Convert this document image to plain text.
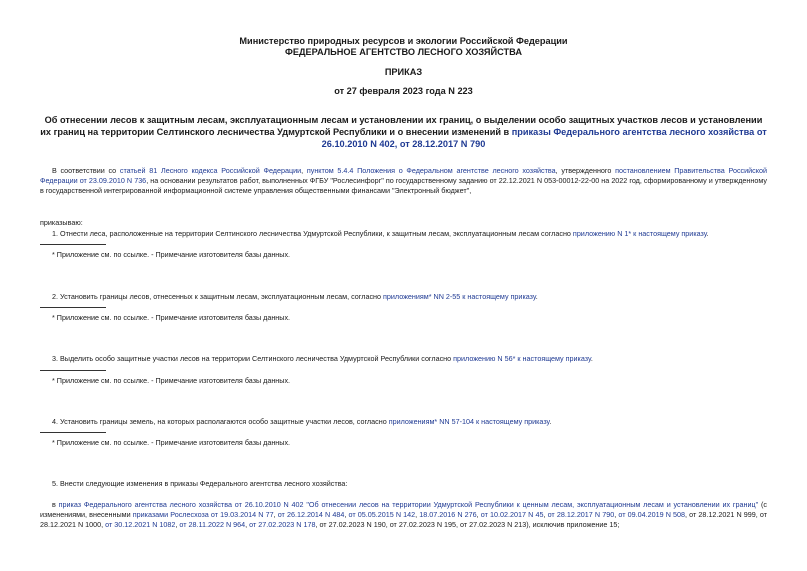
Министерство природных ресурсов и экологии Российской Федерации
ФЕДЕРАЛЬНОЕ АГЕНТСТВО ЛЕСНОГО ХОЗЯЙСТВА
ПРИКАЗ
от 27 февраля 2023 года N 223
Об отнесении лесов к защитным лесам, эксплуатационным лесам и установлении их границ, о выделении особо защитных участков лесов и установлении их границ на территории Селтинского лесничества Удмуртской Республики и о внесении изменений в приказы Федерального агентства лесного хозяйства от 26.10.2010 N 402, от 28.12.2017 N 790
В соответствии со статьей 81 Лесного кодекса Российской Федерации, пунктом 5.4.4 Положения о Федеральном агентстве лесного хозяйства, утвержденного постановлением Правительства Российской Федерации от 23.09.2010 N 736, на основании результатов работ, выполненных ФГБУ "Рослесинфорг" по государственному заданию от 22.12.2021 N 053-00012-22-00 на 2022 год, сформированному и утвержденному в государственной интегрированной информационной системе управления общественными финансами "Электронный бюджет",
приказываю:
1. Отнести леса, расположенные на территории Селтинского лесничества Удмуртской Республики, к защитным лесам, эксплуатационным лесам согласно приложению N 1* к настоящему приказу.
* Приложение см. по ссылке. - Примечание изготовителя базы данных.
2. Установить границы лесов, отнесенных к защитным лесам, эксплуатационным лесам, согласно приложениям* NN 2-55 к настоящему приказу.
* Приложение см. по ссылке. - Примечание изготовителя базы данных.
3. Выделить особо защитные участки лесов на территории Селтинского лесничества Удмуртской Республики согласно приложению N 56* к настоящему приказу.
* Приложение см. по ссылке. - Примечание изготовителя базы данных.
4. Установить границы земель, на которых располагаются особо защитные участки лесов, согласно приложениям* NN 57-104 к настоящему приказу.
* Приложение см. по ссылке. - Примечание изготовителя базы данных.
5. Внести следующие изменения в приказы Федерального агентства лесного хозяйства:
в приказ Федерального агентства лесного хозяйства от 26.10.2010 N 402 "Об отнесении лесов на территории Удмуртской Республики к ценным лесам, эксплуатационным лесам и установлении их границ" (с изменениями, внесенными приказами Рослесхоза от 19.03.2014 N 77, от 26.12.2014 N 484, от 05.05.2015 N 142, 18.07.2016 N 276, от 10.02.2017 N 45, от 28.12.2017 N 790, от 09.04.2019 N 508, от 28.12.2021 N 999, от 28.12.2021 N 1000, от 30.12.2021 N 1082, от 28.11.2022 N 964, от 27.02.2023 N 178, от 27.02.2023 N 190, от 27.02.2023 N 195, от 27.02.2023 N 213), исключив приложение 15;
